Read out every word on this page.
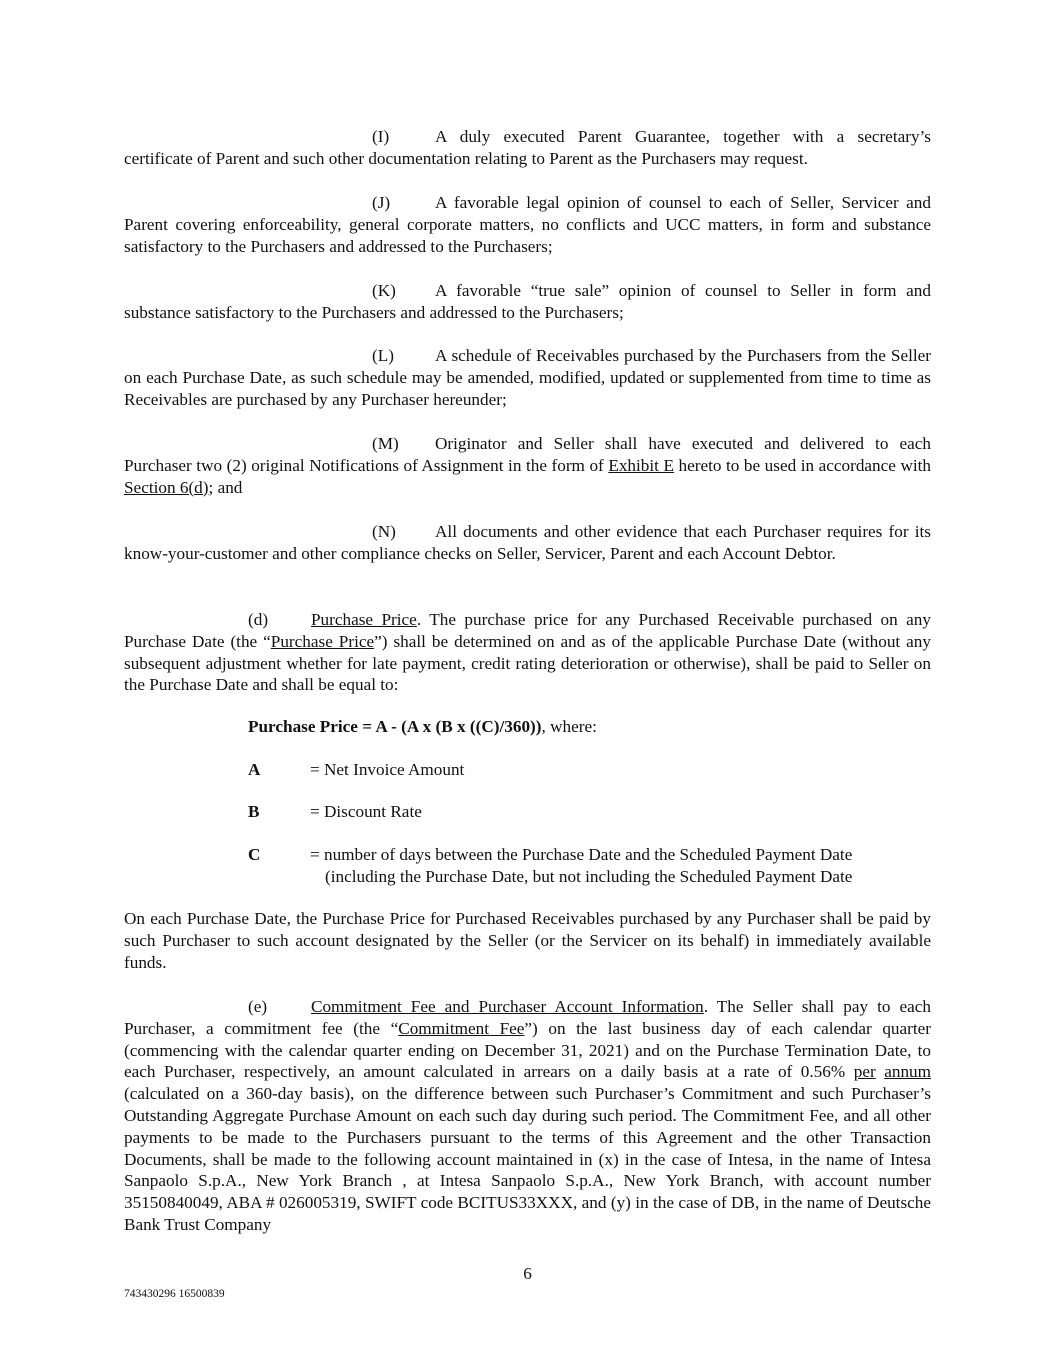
(I)	A duly executed Parent Guarantee, together with a secretary’s certificate of Parent and such other documentation relating to Parent as the Purchasers may request.

(J)	A favorable legal opinion of counsel to each of Seller, Servicer and Parent covering enforceability, general corporate matters, no conflicts and UCC matters, in form and substance satisfactory to the Purchasers and addressed to the Purchasers;

(K) A favorable “true sale” opinion of counsel to Seller in form and substance satisfactory to the Purchasers and addressed to the Purchasers;

(L) A schedule of Receivables purchased by the Purchasers from the Seller on each Purchase Date, as such schedule may be amended, modified, updated or supplemented from time to time as Receivables are purchased by any Purchaser hereunder;

(M) Originator and Seller shall have executed and delivered to each Purchaser two (2) original Notifications of Assignment in the form of Exhibit E hereto to be used in accordance with Section 6(d); and

(N) All documents and other evidence that each Purchaser requires for its know-your-customer and other compliance checks on Seller, Servicer, Parent and each Account Debtor.

(d) Purchase Price. The purchase price for any Purchased Receivable purchased on any Purchase Date (the “Purchase Price”) shall be determined on and as of the applicable Purchase Date (without any subsequent adjustment whether for late payment, credit rating deterioration or otherwise), shall be paid to Seller on the Purchase Date and shall be equal to:

Purchase Price = A - (A x (B x ((C)/360)), where:
A	= Net Invoice Amount
B	= Discount Rate
C	= number of days between the Purchase Date and the Scheduled Payment Date
(including the Purchase Date, but not including the Scheduled Payment Date

On each Purchase Date, the Purchase Price for Purchased Receivables purchased by any Purchaser shall be paid by such Purchaser to such account designated by the Seller (or the Servicer on its behalf) in immediately available funds.

(e)	Commitment Fee and Purchaser Account Information. The Seller shall pay to each Purchaser, a commitment fee (the “Commitment Fee”) on the last business day of each calendar quarter (commencing with the calendar quarter ending on December 31, 2021) and on the Purchase Termination Date, to each Purchaser, respectively, an amount calculated in arrears on a daily basis at a rate of 0.56% per annum (calculated on a 360-day basis), on the difference between such Purchaser’s Commitment and such Purchaser’s Outstanding Aggregate Purchase Amount on each such day during such period. The Commitment Fee, and all other payments to be made to the Purchasers pursuant to the terms of this Agreement and the other Transaction Documents, shall be made to the following account maintained in (x) in the case of Intesa, in the name of Intesa Sanpaolo S.p.A., New York Branch , at Intesa Sanpaolo S.p.A., New York Branch, with account number 35150840049, ABA # 026005319, SWIFT code BCITUS33XXX, and (y) in the case of DB, in the name of Deutsche Bank Trust Company

6
743430296 16500839
